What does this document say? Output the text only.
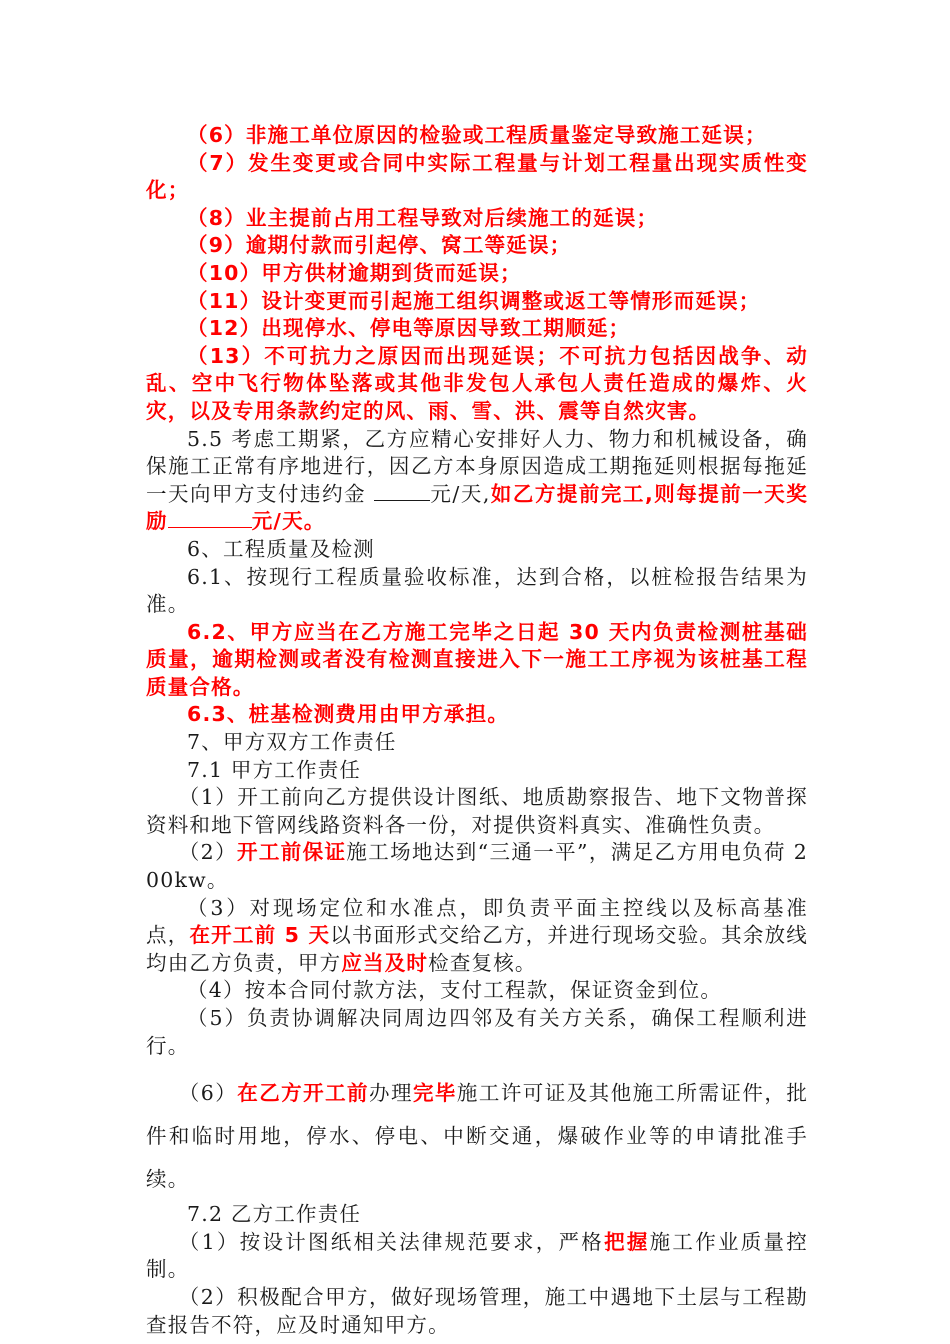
（6）非施工单位原因的检验或工程质量鉴定导致施工延误；

（7）发生变更或合同中实际工程量与计划工程量出现实质性变化；

（8）业主提前占用工程导致对后续施工的延误；

（9）逾期付款而引起停、窝工等延误；

（10）甲方供材逾期到货而延误；

（11）设计变更而引起施工组织调整或返工等情形而延误；

（12）出现停水、停电等原因导致工期顺延；

（13）不可抗力之原因而出现延误；不可抗力包括因战争、动乱、空中飞行物体坠落或其他非发包人承包人责任造成的爆炸、火灾，以及专用条款约定的风、雨、雪、洪、震等自然灾害。

5.5 考虑工期紧，乙方应精心安排好人力、物力和机械设备，确保施工正常有序地进行，因乙方本身原因造成工期拖延则根据每拖延一天向甲方支付违约金	元/天,如乙方提前完工,则每提前一天奖励	元/天。

6、工程质量及检测

6.1、按现行工程质量验收标准，达到合格，以桩检报告结果为准。

6.2、甲方应当在乙方施工完毕之日起 30 天内负责检测桩基础质量，逾期检测或者没有检测直接进入下一施工工序视为该桩基工程质量合格。

6.3、桩基检测费用由甲方承担。

7、甲方双方工作责任

7.1 甲方工作责任

（1）开工前向乙方提供设计图纸、地质勘察报告、地下文物普探资料和地下管网线路资料各一份，对提供资料真实、准确性负责。

（2）开工前保证施工场地达到“三通一平”，满足乙方用电负荷 200kw。

（3）对现场定位和水准点，即负责平面主控线以及标高基准点，在开工前 5 天以书面形式交给乙方，并进行现场交验。其余放线均由乙方负责，甲方应当及时检查复核。

（4）按本合同付款方法，支付工程款，保证资金到位。

（5）负责协调解决同周边四邻及有关方关系，确保工程顺利进行。

（6）在乙方开工前办理完毕施工许可证及其他施工所需证件，批件和临时用地，停水、停电、中断交通，爆破作业等的申请批准手续。

7.2 乙方工作责任

（1）按设计图纸相关法律规范要求，严格把握施工作业质量控制。

（2）积极配合甲方，做好现场管理，施工中遇地下土层与工程勘查报告不符，应及时通知甲方。
